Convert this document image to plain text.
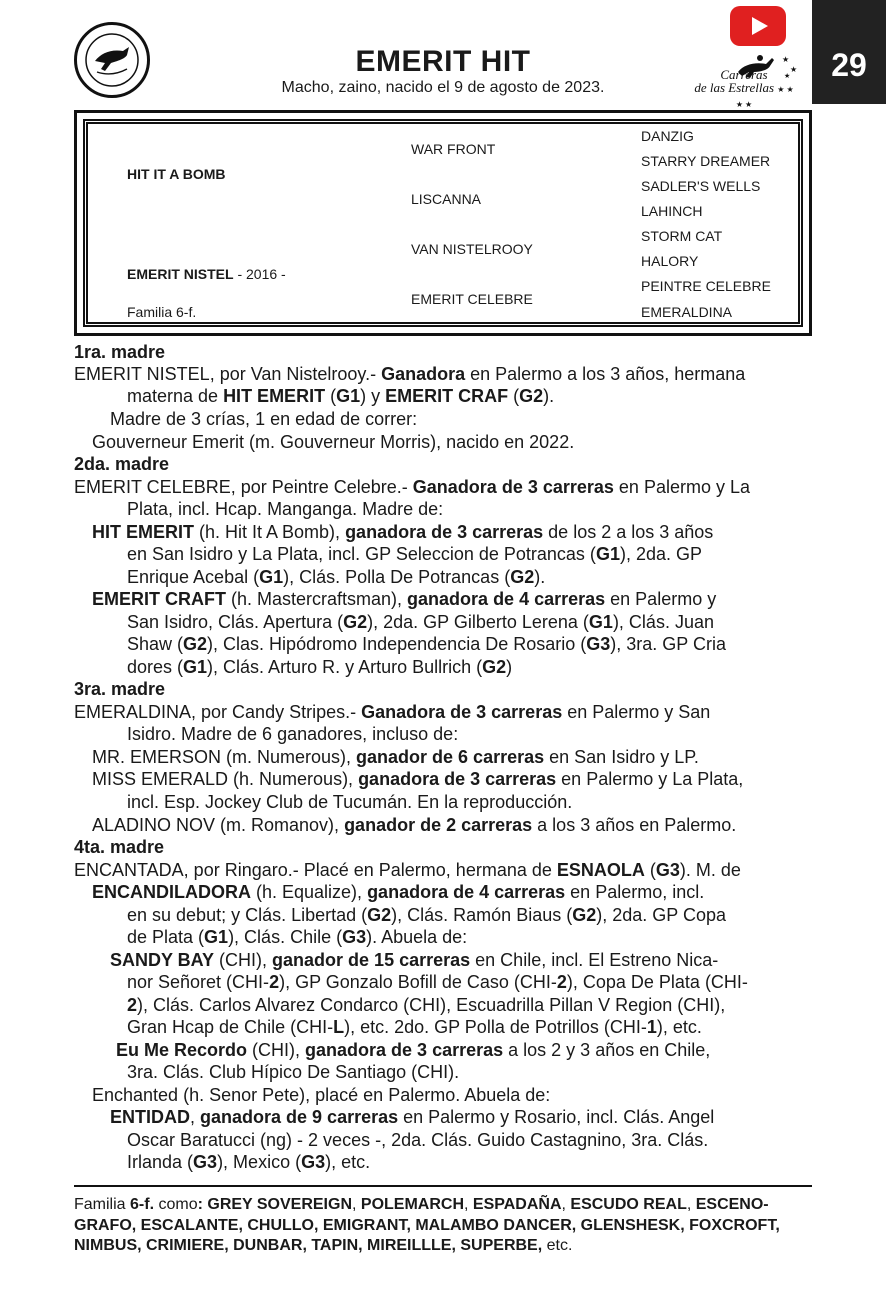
EMERIT HIT
Macho, zaino, nacido el 9 de agosto de 2023.
★
★
★
Carreras
de las Estrellas ★ ★ ★ ★
29
HIT IT A BOMB
EMERIT NISTEL - 2016 -
Familia 6-f.
WAR FRONT
LISCANNA
VAN NISTELROOY
EMERIT CELEBRE
DANZIG
STARRY DREAMER
SADLER'S WELLS
LAHINCH
STORM CAT
HALORY
PEINTRE CELEBRE
EMERALDINA
1ra. madre
EMERIT NISTEL, por Van Nistelrooy.- Ganadora en Palermo a los 3 años, hermana
materna de HIT EMERIT (G1) y EMERIT CRAF (G2).
Madre de 3 crías, 1 en edad de correr:
Gouverneur Emerit (m. Gouverneur Morris), nacido en 2022.
2da. madre
EMERIT CELEBRE, por Peintre Celebre.- Ganadora de 3 carreras en Palermo y La
Plata, incl. Hcap. Manganga. Madre de:
HIT EMERIT (h. Hit It A Bomb), ganadora de 3 carreras de los 2 a los 3 años
en San Isidro y La Plata, incl. GP Seleccion de Potrancas (G1), 2da. GP
Enrique Acebal (G1), Clás. Polla De Potrancas (G2).
EMERIT CRAFT (h. Mastercraftsman), ganadora de 4 carreras en Palermo y
San Isidro, Clás. Apertura (G2), 2da. GP Gilberto Lerena (G1), Clás. Juan
Shaw (G2), Clas. Hipódromo Independencia De Rosario (G3), 3ra. GP Cria
dores (G1), Clás. Arturo R. y Arturo Bullrich (G2)
3ra. madre
EMERALDINA, por Candy Stripes.- Ganadora de 3 carreras en Palermo y San
Isidro. Madre de 6 ganadores, incluso de:
MR. EMERSON (m. Numerous), ganador de 6 carreras en San Isidro y LP.
MISS EMERALD (h. Numerous), ganadora de 3 carreras en Palermo y La Plata,
incl. Esp. Jockey Club de Tucumán. En la reproducción.
ALADINO NOV (m. Romanov), ganador de 2 carreras a los 3 años en Palermo.
4ta. madre
ENCANTADA, por Ringaro.- Placé en Palermo, hermana de ESNAOLA (G3). M. de
ENCANDILADORA (h. Equalize), ganadora de 4 carreras en Palermo, incl.
en su debut; y Clás. Libertad (G2), Clás. Ramón Biaus (G2), 2da. GP Copa
de Plata (G1), Clás. Chile (G3). Abuela de:
SANDY BAY (CHI), ganador de 15 carreras en Chile, incl. El Estreno Nica-
nor Señoret (CHI-2), GP Gonzalo Bofill de Caso (CHI-2), Copa De Plata (CHI-
2), Clás. Carlos Alvarez Condarco (CHI), Escuadrilla Pillan V Region (CHI),
Gran Hcap de Chile (CHI-L), etc. 2do. GP Polla de Potrillos (CHI-1), etc.
Eu Me Recordo (CHI), ganadora de 3 carreras a los 2 y 3 años en Chile,
3ra. Clás. Club Hípico De Santiago (CHI).
Enchanted (h. Senor Pete), placé en Palermo. Abuela de:
ENTIDAD, ganadora de 9 carreras en Palermo y Rosario, incl. Clás. Angel
Oscar Baratucci (ng) - 2 veces -, 2da. Clás. Guido Castagnino, 3ra. Clás.
Irlanda (G3), Mexico (G3), etc.
Familia 6-f. como: GREY SOVEREIGN, POLEMARCH, ESPADAÑA, ESCUDO REAL, ESCENO-
GRAFO, ESCALANTE, CHULLO, EMIGRANT, MALAMBO DANCER, GLENSHESK, FOXCROFT,
NIMBUS, CRIMIERE, DUNBAR, TAPIN, MIREILLLE, SUPERBE, etc.
